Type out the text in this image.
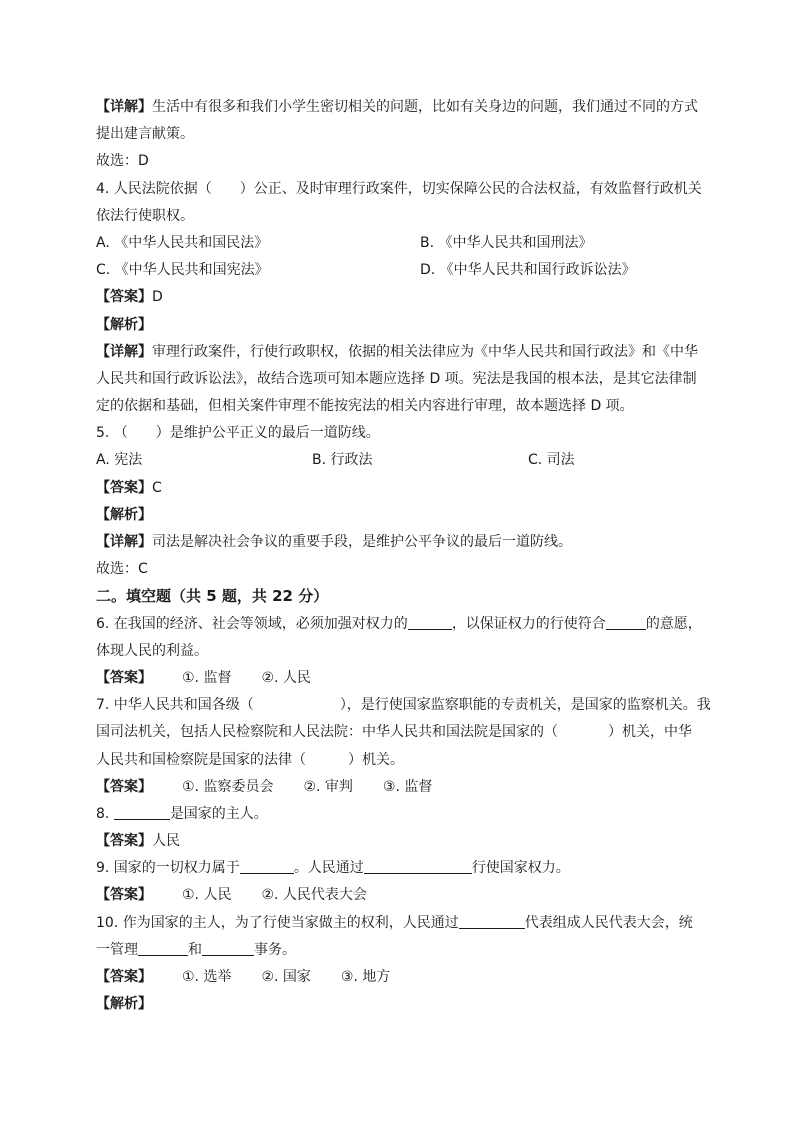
【详解】生活中有很多和我们小学生密切相关的问题，比如有关身边的问题，我们通过不同的方式
提出建言献策。
故选：D
4. 人民法院依据（　　）公正、及时审理行政案件，切实保障公民的合法权益，有效监督行政机关
依法行使职权。
A. 《中华人民共和国民法》	B. 《中华人民共和国刑法》
C. 《中华人民共和国宪法》	D. 《中华人民共和国行政诉讼法》
【答案】D
【解析】
【详解】审理行政案件，行使行政职权，依据的相关法律应为《中华人民共和国行政法》和《中华
人民共和国行政诉讼法》，故结合选项可知本题应选择 D 项。宪法是我国的根本法，是其它法律制
定的依据和基础，但相关案件审理不能按宪法的相关内容进行审理，故本题选择 D 项。
5. （　　）是维护公平正义的最后一道防线。
A. 宪法	B. 行政法	C. 司法
【答案】C
【解析】
【详解】司法是解决社会争议的重要手段，是维护公平争议的最后一道防线。
故选：C
二。填空题（共 5 题，共 22 分）
6. 在我国的经济、社会等领域，必须加强对权力的	，以保证权力的行使符合	的意愿，
体现人民的利益。
【答案】 ①. 监督 ②. 人民
7. 中华人民共和国各级（	），是行使国家监察职能的专责机关，是国家的监察机关。我
国司法机关，包括人民检察院和人民法院：中华人民共和国法院是国家的（	）机关，中华
人民共和国检察院是国家的法律（	）机关。
【答案】 ①. 监察委员会 ②. 审判 ③. 监督
8.	是国家的主人。
【答案】人民
9. 国家的一切权力属于	。人民通过	行使国家权力。
【答案】 ①. 人民 ②. 人民代表大会
10. 作为国家的主人，为了行使当家做主的权利，人民通过	代表组成人民代表大会，统
一管理	和	事务。
【答案】 ①. 选举 ②. 国家 ③. 地方
【解析】
